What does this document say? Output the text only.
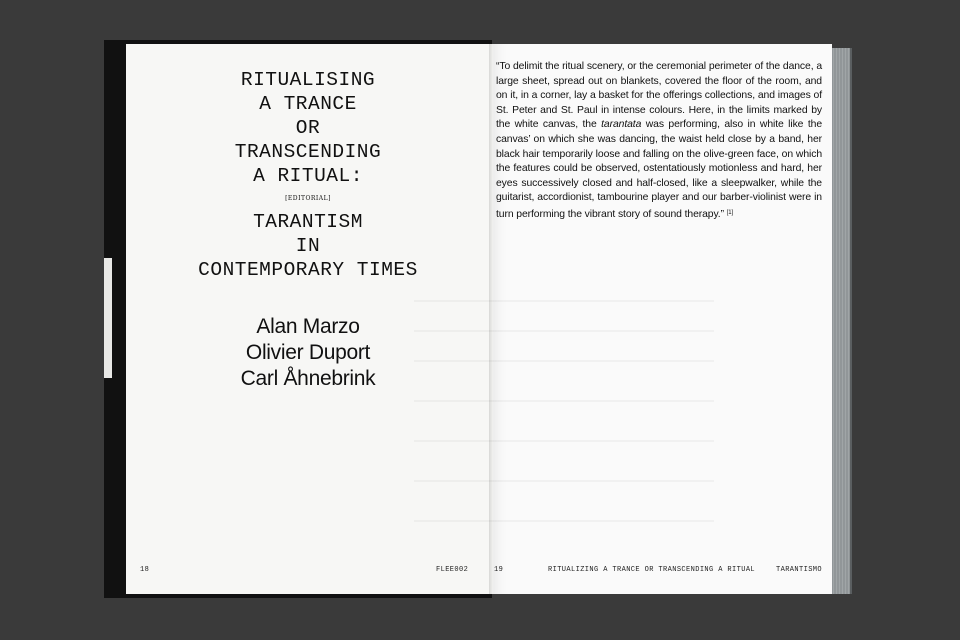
RITUALISING
A TRANCE
OR
TRANSCENDING
A RITUAL:
[EDITORIAL]
TARANTISM
IN
CONTEMPORARY TIMES
Alan Marzo
Olivier Duport
Carl Åhnebrink
18	FLEE002

“To delimit the ritual scenery, or the ceremonial perimeter of the dance, a large sheet, spread out on blankets, covered the floor of the room, and on it, in a corner, lay a basket for the offerings collections, and images of St. Peter and St. Paul in intense colours. Here, in the limits marked by the white canvas, the tarantata was performing, also in white like the canvas’ on which she was dancing, the waist held close by a band, her black hair temporarily loose and falling on the olive-green face, on which the features could be observed, ostentatiously motionless and hard, her eyes successively closed and half-closed, like a sleepwalker, while the guitarist, accordionist, tambourine player and our barber-violinist were in turn performing the vibrant story of sound therapy.” [1]

19	RITUALIZING A TRANCE OR TRANSCENDING A RITUAL	TARANTISMO
